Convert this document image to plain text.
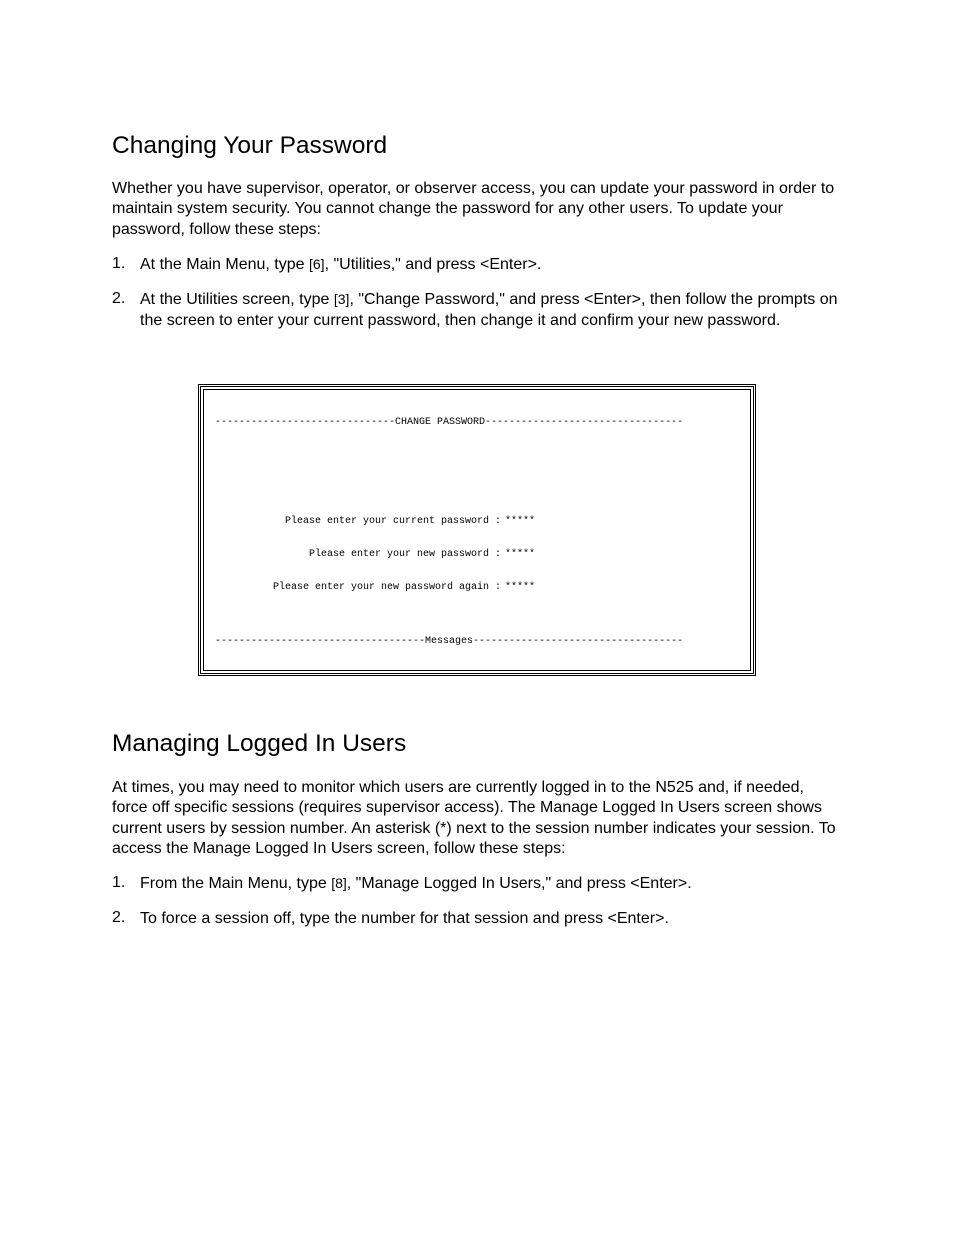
Changing Your Password

Whether you have supervisor, operator, or observer access, you can update your password in order to maintain system security. You cannot change the password for any other users. To update your password, follow these steps:

1. At the Main Menu, type [6], "Utilities," and press <Enter>.
2. At the Utilities screen, type [3], "Change Password," and press <Enter>, then follow the prompts on the screen to enter your current password, then change it and confirm your new password.
Managing Logged In Users

At times, you may need to monitor which users are currently logged in to the N525 and, if needed, force off specific sessions (requires supervisor access). The Manage Logged In Users screen shows current users by session number. An asterisk (*) next to the session number indicates your session. To access the Manage Logged In Users screen, follow these steps:

1. From the Main Menu, type [8], "Manage Logged In Users," and press <Enter>.
2. To force a session off, type the number for that session and press <Enter>.
------------------------------CHANGE PASSWORD---------------------------------

Please enter your current password :

Please enter your new password :

Please enter your new password again :

*****

*****

*****

-----------------------------------Messages-----------------------------------
